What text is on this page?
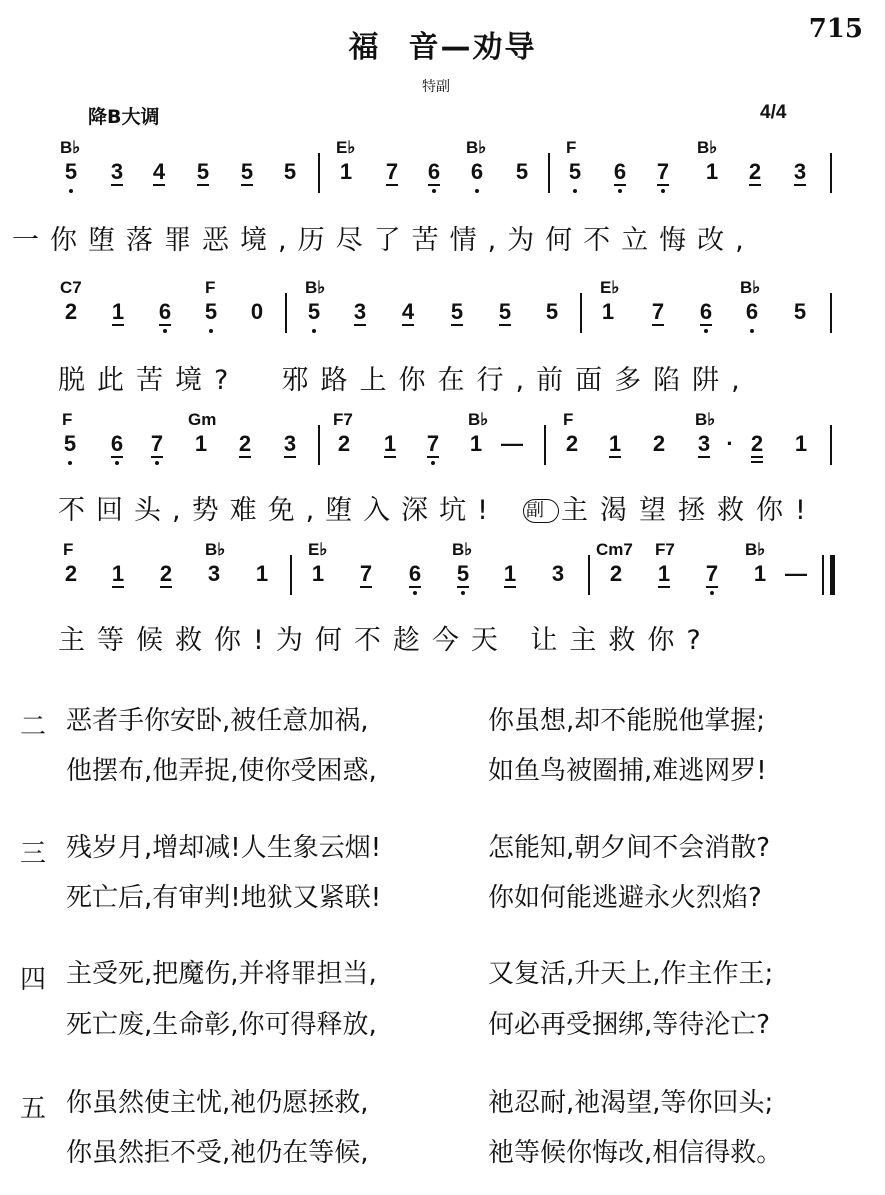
福 音—劝导
715
特副
降B大调	4/4
B♭	E♭	B♭	F	B♭
5 3 4 5 5 5 1 7 6 6 5 5 6 7 1 2 3
一你堕落罪恶境,历尽了苦情,为何不立悔改,
C7	F	B♭	E♭	B♭
2 1 6 5 0 5 3 4 5 5 5 1 7 6 6 5
脱此苦境?  邪路上你在行,前面多陷阱,
F	Gm	F7	B♭	F	B♭
5 6 7 1 2 3 2 1 7 1 — 2 1 2 3 · 2 1
不回头,势难免,堕入深坑! 副 主渴望拯救你!
F	B♭	E♭	B♭	Cm7 F7	B♭
2 1 2 3 1 1 7 6 5 1 3 2 1 7 1 —
主等候救你!为何不趁今天 让主救你?
二 恶者手你安卧,被任意加祸,
他摆布,他弄捉,使你受困惑,
你虽想,却不能脱他掌握;
如鱼鸟被圈捕,难逃网罗!
三 残岁月,增却减!人生象云烟!
死亡后,有审判!地狱又紧联!
怎能知,朝夕间不会消散?
你如何能逃避永火烈焰?
四 主受死,把魔伤,并将罪担当,
死亡废,生命彰,你可得释放,
又复活,升天上,作主作王;
何必再受捆绑,等待沦亡?
五 你虽然使主忧,祂仍愿拯救,
你虽然拒不受,祂仍在等候,
祂忍耐,祂渴望,等你回头;
祂等候你悔改,相信得救。
